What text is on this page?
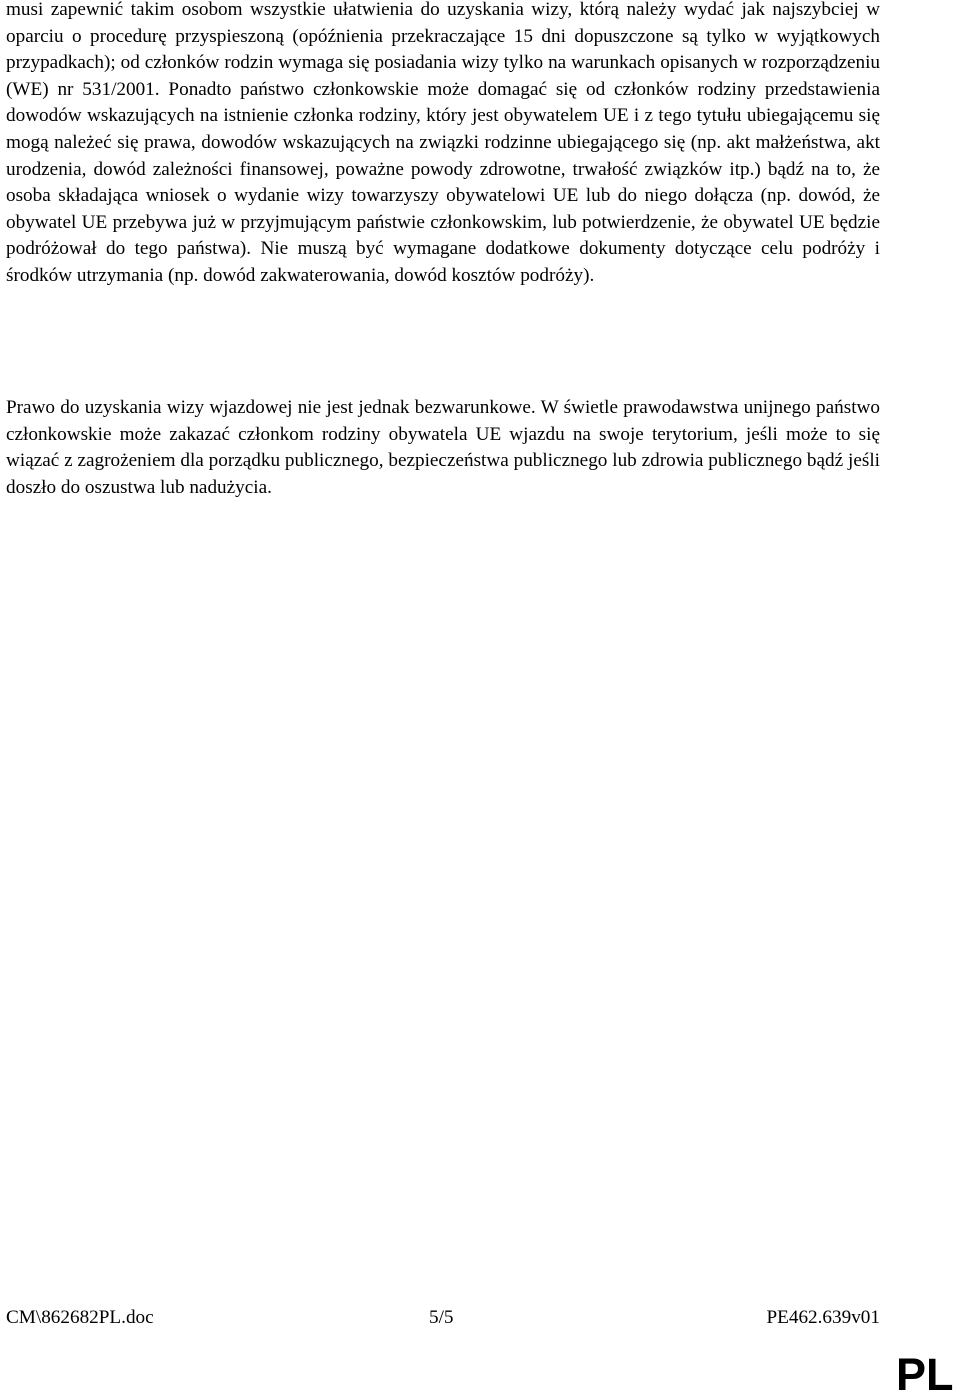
musi zapewnić takim osobom wszystkie ułatwienia do uzyskania wizy, którą należy wydać jak najszybciej w oparciu o procedurę przyspieszoną (opóźnienia przekraczające 15 dni dopuszczone są tylko w wyjątkowych przypadkach); od członków rodzin wymaga się posiadania wizy tylko na warunkach opisanych w rozporządzeniu (WE) nr 531/2001. Ponadto państwo członkowskie może domagać się od członków rodziny przedstawienia dowodów wskazujących na istnienie członka rodziny, który jest obywatelem UE i z tego tytułu ubiegającemu się mogą należeć się prawa, dowodów wskazujących na związki rodzinne ubiegającego się (np. akt małżeństwa, akt urodzenia, dowód zależności finansowej, poważne powody zdrowotne, trwałość związków itp.) bądź na to, że osoba składająca wniosek o wydanie wizy towarzyszy obywatelowi UE lub do niego dołącza (np. dowód, że obywatel UE przebywa już w przyjmującym państwie członkowskim, lub potwierdzenie, że obywatel UE będzie podróżował do tego państwa). Nie muszą być wymagane dodatkowe dokumenty dotyczące celu podróży i środków utrzymania (np. dowód zakwaterowania, dowód kosztów podróży).

Prawo do uzyskania wizy wjazdowej nie jest jednak bezwarunkowe. W świetle prawodawstwa unijnego państwo członkowskie może zakazać członkom rodziny obywatela UE wjazdu na swoje terytorium, jeśli może to się wiązać z zagrożeniem dla porządku publicznego, bezpieczeństwa publicznego lub zdrowia publicznego bądź jeśli doszło do oszustwa lub nadużycia.

CM\862682PL.doc	5/5	PE462.639v01
PL
